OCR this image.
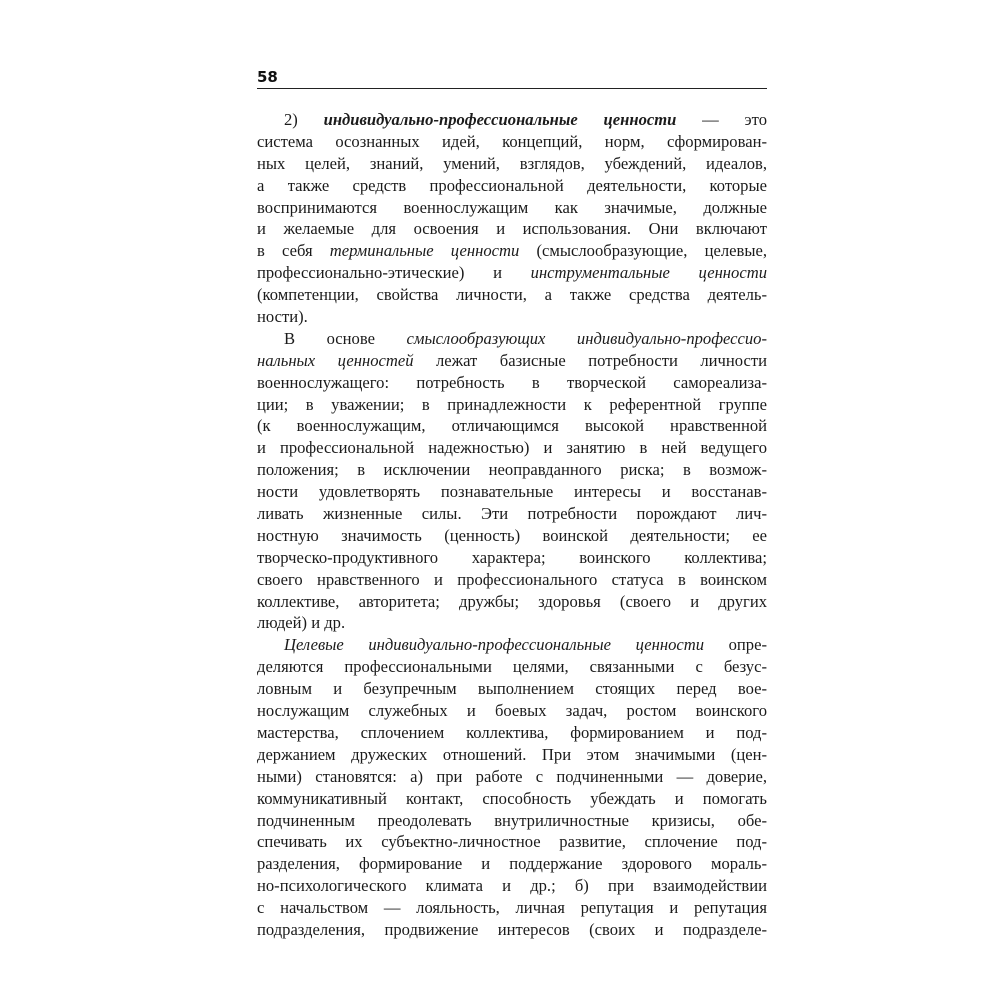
58
2) индивидуально-профессиональные ценности — это
система осознанных идей, концепций, норм, сформирован-
ных целей, знаний, умений, взглядов, убеждений, идеалов,
а также средств профессиональной деятельности, которые
воспринимаются военнослужащим как значимые, должные
и желаемые для освоения и использования. Они включают
в себя терминальные ценности (смыслообразующие, целевые,
профессионально-этические) и инструментальные ценности
(компетенции, свойства личности, а также средства деятель-
ности).
В основе смыслообразующих индивидуально-профессио-
нальных ценностей лежат базисные потребности личности
военнослужащего: потребность в творческой самореализа-
ции; в уважении; в принадлежности к референтной группе
(к военнослужащим, отличающимся высокой нравственной
и профессиональной надежностью) и занятию в ней ведущего
положения; в исключении неоправданного риска; в возмож-
ности удовлетворять познавательные интересы и восстанав-
ливать жизненные силы. Эти потребности порождают лич-
ностную значимость (ценность) воинской деятельности; ее
творческо-продуктивного характера; воинского коллектива;
своего нравственного и профессионального статуса в воинском
коллективе, авторитета; дружбы; здоровья (своего и других
людей) и др.
Целевые индивидуально-профессиональные ценности опре-
деляются профессиональными целями, связанными с безус-
ловным и безупречным выполнением стоящих перед вое-
нослужащим служебных и боевых задач, ростом воинского
мастерства, сплочением коллектива, формированием и под-
держанием дружеских отношений. При этом значимыми (цен-
ными) становятся: а) при работе с подчиненными — доверие,
коммуникативный контакт, способность убеждать и помогать
подчиненным преодолевать внутриличностные кризисы, обе-
спечивать их субъектно-личностное развитие, сплочение под-
разделения, формирование и поддержание здорового мораль-
но-психологического климата и др.; б) при взаимодействии
с начальством — лояльность, личная репутация и репутация
подразделения, продвижение интересов (своих и подразделе-
